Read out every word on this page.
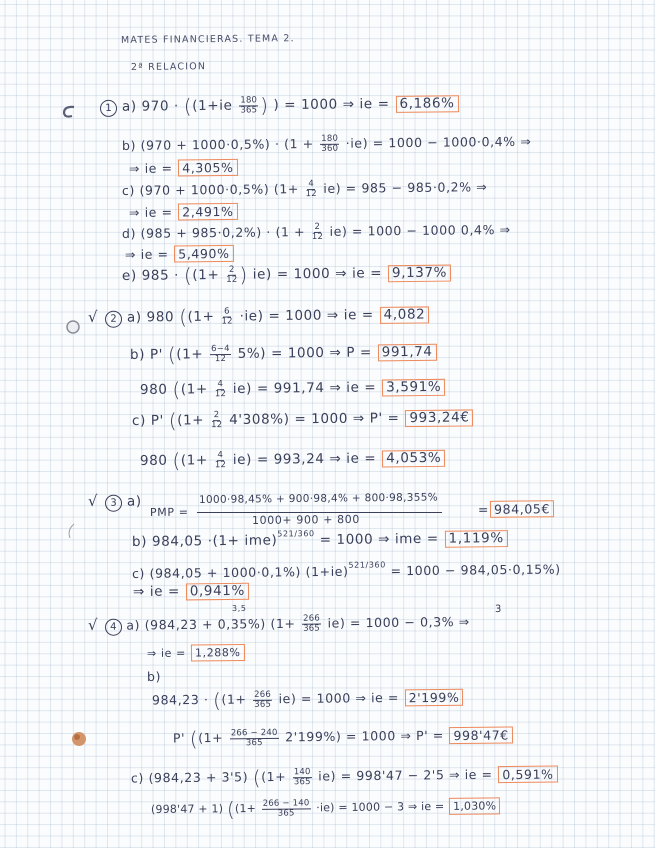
MATES FINANCIERAS. TEMA 2.
2ª RELACION
1 a) $970 \cdot ((1+ie \frac{180}{365}$ ) ) = 1000 ⇒ ie = 6,186%
b) $(970 + 1000\cdot 0,5\%) \cdot (1 + \frac{180}{360} \cdot ie) = 1000 - 1000\cdot 0,4\%$ ⇒
⇒ ie = 4,305%
c) (970 + 1000·0,5%) $(1+ \frac{4}{12} ie) = 985 - 985\cdot 0,2\%$ ⇒
⇒ ie = 2,491%
d) $(985 + 985\cdot 0,2\%) \cdot (1 + \frac{2}{12} ie) = 1000 - 1000$ 0,4% ⇒
⇒ ie = 5,490%
e) $985 \cdot ((1+ \frac{2}{12}$ ) ie) = 1000 ⇒ ie = 9,137%
√ 2 a) 980 ($(1+ \frac{6}{12} \cdot ie) = 1000$ ⇒ ie = 4,082
b) P' ($(1+ \frac{6-4}{12} 5\%) = 1000$ ⇒ P = 991,74
980 ($(1+ \frac{4}{12} ie) = 991,74$ ⇒ ie = 3,591%
c) P' ($(1+ \frac{2}{12} 4'308\%) = 1000$ ⇒ P' = 993,24€
980 ($(1+ \frac{4}{12} ie) = 993,24$ ⇒ ie = 4,053%
√ 3 a)
PMP =
1000·98,45% + 900·98,4% + 800·98,355%
1000+ 900 + 800
= 984,05€
b) 984,05 ·(1+ ime)$^{521/360}$ = 1000 ⇒ ime = 1,119%
c) (984,05 + 1000·0,1%) $(1+ie)^{521/360} = 1000 - 984,05\cdot 0,15\%$)
⇒ ie = 0,941%
3,5	3
√ 4 a) (984,23 + 0,35%) $(1+ \frac{266}{365} ie) = 1000 - 0,3\%$ ⇒
⇒ ie = 1,288%
b)
$984,23 \cdot ((1+ \frac{266}{365} ie) = 1000$ ⇒ ie = 2'199%
P' ($(1+ \frac{266 - 240}{365} 2'199\%) = 1000$ ⇒ P' = 998'47€
c) (984,23 + 3'5) ($(1+ \frac{140}{365} ie) = 998'47 - 2'5$ ⇒ ie = 0,591%
(998'47 + 1) ($(1+ \frac{266 - 140}{365} \cdot ie) = 1000 - 3$ ⇒ ie = 1,030%
